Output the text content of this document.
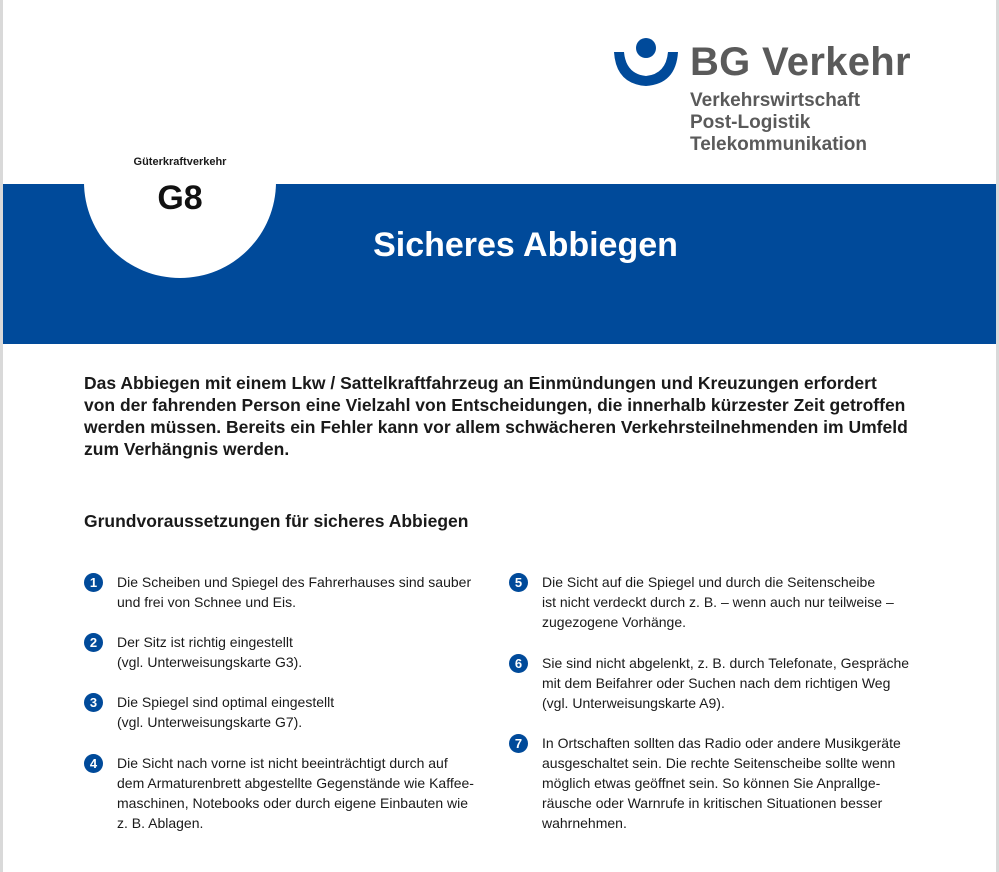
BG Verkehr
Verkehrswirtschaft
Post-Logistik
Telekommunikation
Güterkraftverkehr
G8
Sicheres Abbiegen
Das Abbiegen mit einem Lkw / Sattelkraftfahrzeug an Einmündungen und Kreuzungen erfordert
von der fahrenden Person eine Vielzahl von Entscheidungen, die innerhalb kürzester Zeit getroffen
werden müssen. Bereits ein Fehler kann vor allem schwächeren Verkehrsteilnehmenden im Umfeld
zum Verhängnis werden.
Grundvoraussetzungen für sicheres Abbiegen
1	Die Scheiben und Spiegel des Fahrerhauses sind sauber
und frei von Schnee und Eis.
2	Der Sitz ist richtig eingestellt
(vgl. Unterweisungskarte G3).
3	Die Spiegel sind optimal eingestellt
(vgl. Unterweisungskarte G7).
4	Die Sicht nach vorne ist nicht beeinträchtigt durch auf
dem Armaturenbrett abgestellte Gegenstände wie Kaffee-
maschinen, Notebooks oder durch eigene Einbauten wie
z. B. Ablagen.
5	Die Sicht auf die Spiegel und durch die Seitenscheibe
ist nicht verdeckt durch z. B. – wenn auch nur teilweise –
zugezogene Vorhänge.
6	Sie sind nicht abgelenkt, z. B. durch Telefonate, Gespräche
mit dem Beifahrer oder Suchen nach dem richtigen Weg
(vgl. Unterweisungskarte A9).
7	In Ortschaften sollten das Radio oder andere Musikgeräte
ausgeschaltet sein. Die rechte Seitenscheibe sollte wenn
möglich etwas geöffnet sein. So können Sie Anprallge-
räusche oder Warnrufe in kritischen Situationen besser
wahrnehmen.
